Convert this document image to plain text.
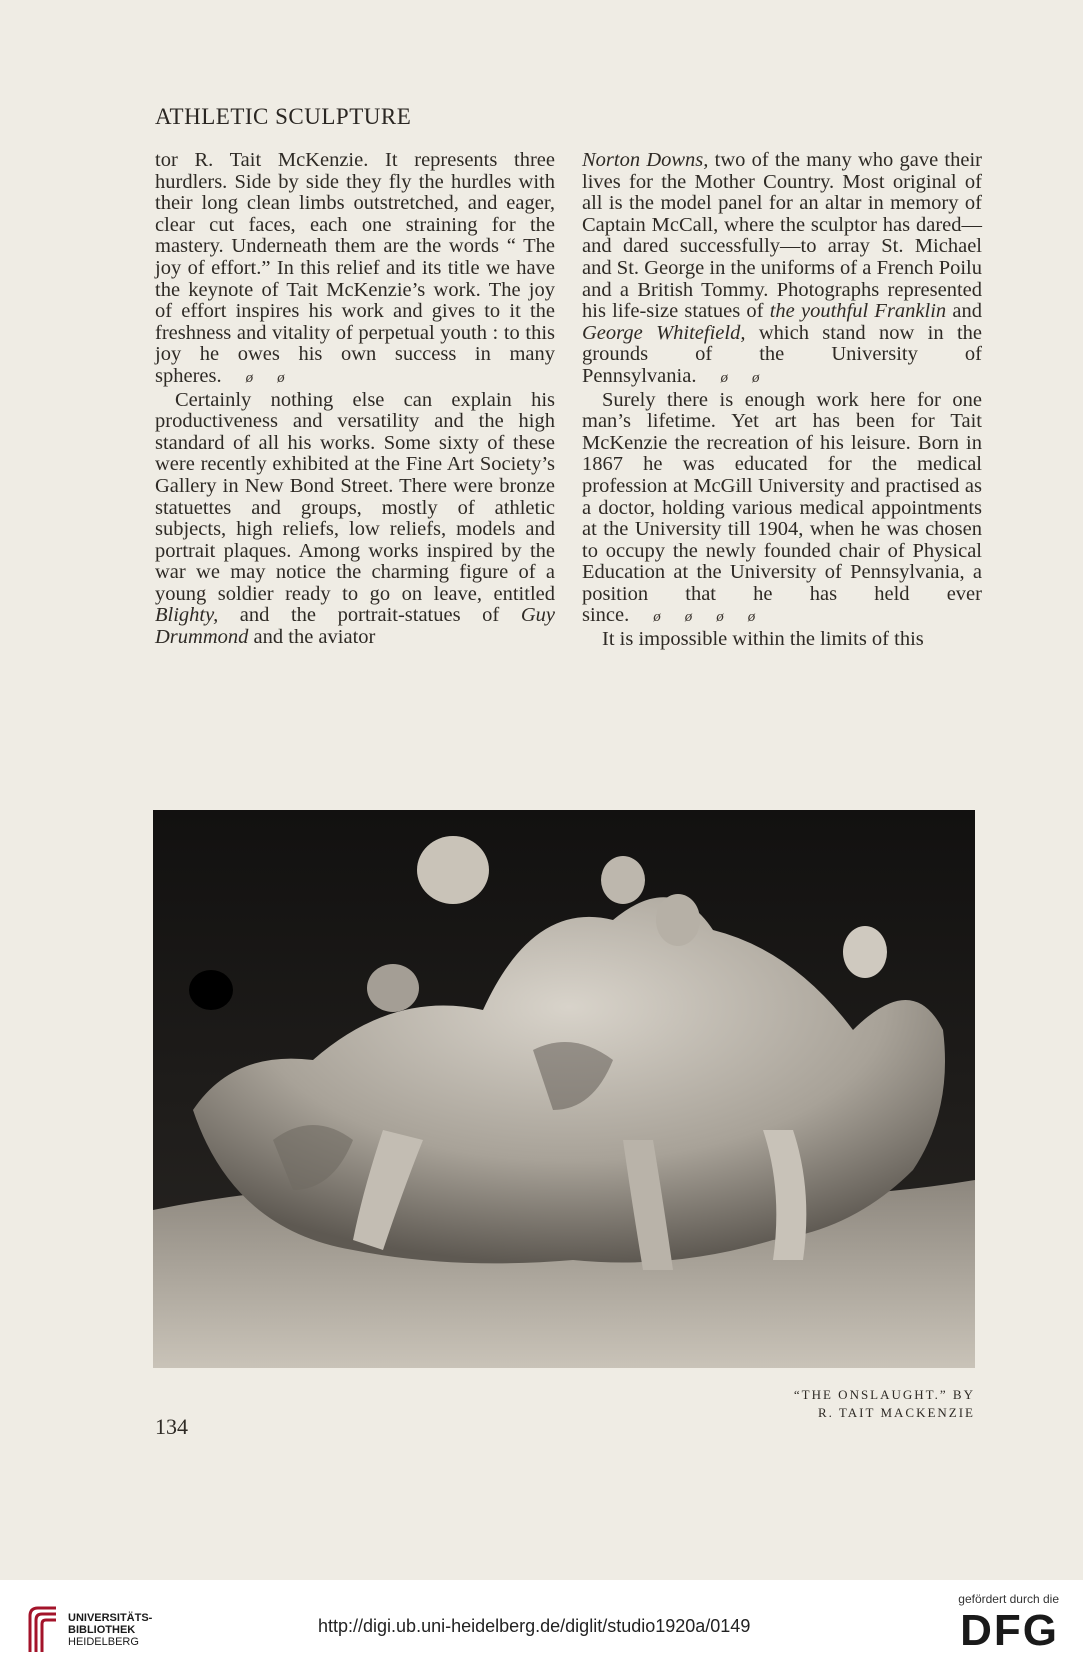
ATHLETIC SCULPTURE

tor R. Tait McKenzie. It represents three hurdlers. Side by side they fly the hurdles with their long clean limbs outstretched, and eager, clear cut faces, each one straining for the mastery. Underneath them are the words “ The joy of effort.” In this relief and its title we have the keynote of Tait McKenzie’s work. The joy of effort inspires his work and gives to it the freshness and vitality of perpetual youth : to this joy he owes his own success in many spheres. ø ø

Certainly nothing else can explain his productiveness and versatility and the high standard of all his works. Some sixty of these were recently exhibited at the Fine Art Society’s Gallery in New Bond Street. There were bronze statuettes and groups, mostly of athletic subjects, high reliefs, low reliefs, models and portrait plaques. Among works inspired by the war we may notice the charming figure of a young soldier ready to go on leave, entitled Blighty, and the portrait-statues of Guy Drummond and the aviator

Norton Downs, two of the many who gave their lives for the Mother Country. Most original of all is the model panel for an altar in memory of Captain McCall, where the sculptor has dared—and dared successfully—to array St. Michael and St. George in the uniforms of a French Poilu and a British Tommy. Photographs represented his life-size statues of the youthful Franklin and George Whitefield, which stand now in the grounds of the University of Pennsylvania. ø ø

Surely there is enough work here for one man’s lifetime. Yet art has been for Tait McKenzie the recreation of his leisure. Born in 1867 he was educated for the medical profession at McGill University and practised as a doctor, holding various medical appointments at the University till 1904, when he was chosen to occupy the newly founded chair of Physical Education at the University of Pennsylvania, a position that he has held ever since. ø ø ø ø

It is impossible within the limits of this

“THE ONSLAUGHT.” BY
R. TAIT MACKENZIE
134
UNIVERSITÄTS-
BIBLIOTHEK
HEIDELBERG
http://digi.ub.uni-heidelberg.de/diglit/studio1920a/0149
gefördert durch die
DFG
